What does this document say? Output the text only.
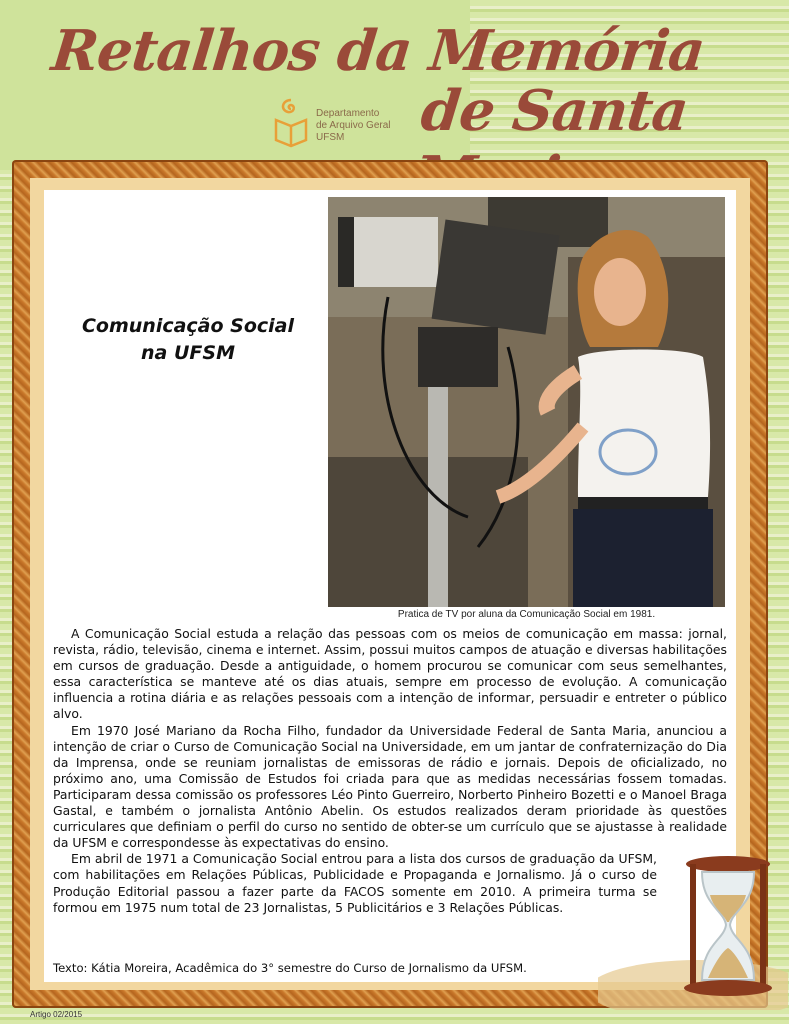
Retalhos da Memória
de Santa
Departamento
de Arquivo Geral
UFSM
Comunicação Social
na UFSM
Pratica de TV por aluna da Comunicação Social em 1981.

A Comunicação Social estuda a relação das pessoas com os meios de comunicação em massa: jornal, revista, rádio, televisão, cinema e internet. Assim, possui muitos campos de atuação e diversas habilitações em cursos de graduação. Desde a antiguidade, o homem procurou se comunicar com seus semelhantes, essa característica se manteve até os dias atuais, sempre em processo de evolução. A comunicação influencia a rotina diária e as relações pessoais com a intenção de informar, persuadir e entreter o público alvo.

Em 1970 José Mariano da Rocha Filho, fundador da Universidade Federal de Santa Maria, anunciou a intenção de criar o Curso de Comunicação Social na Universidade, em um jantar de confraternização do Dia da Imprensa, onde se reuniam jornalistas de emissoras de rádio e jornais. Depois de oficializado, no próximo ano, uma Comissão de Estudos foi criada para que as medidas necessárias fossem tomadas. Participaram dessa comissão os professores Léo Pinto Guerreiro, Norberto Pinheiro Bozetti e o Manoel Braga Gastal, e também o jornalista Antônio Abelin. Os estudos realizados deram prioridade às questões curriculares que definiam o perfil do curso no sentido de obter-se um currículo que se ajustasse à realidade da UFSM e correspondesse às expectativas do ensino.

Em abril de 1971 a Comunicação Social entrou para a lista dos cursos de graduação da UFSM, com habilitações em Relações Públicas, Publicidade e Propaganda e Jornalismo. Já o curso de Produção Editorial passou a fazer parte da FACOS somente em 2010. A primeira turma se formou em 1975 num total de 23 Jornalistas, 5 Publicitários e 3 Relações Públicas.

Texto: Kátia Moreira, Acadêmica do 3° semestre do Curso de Jornalismo da UFSM.
Artigo 02/2015
